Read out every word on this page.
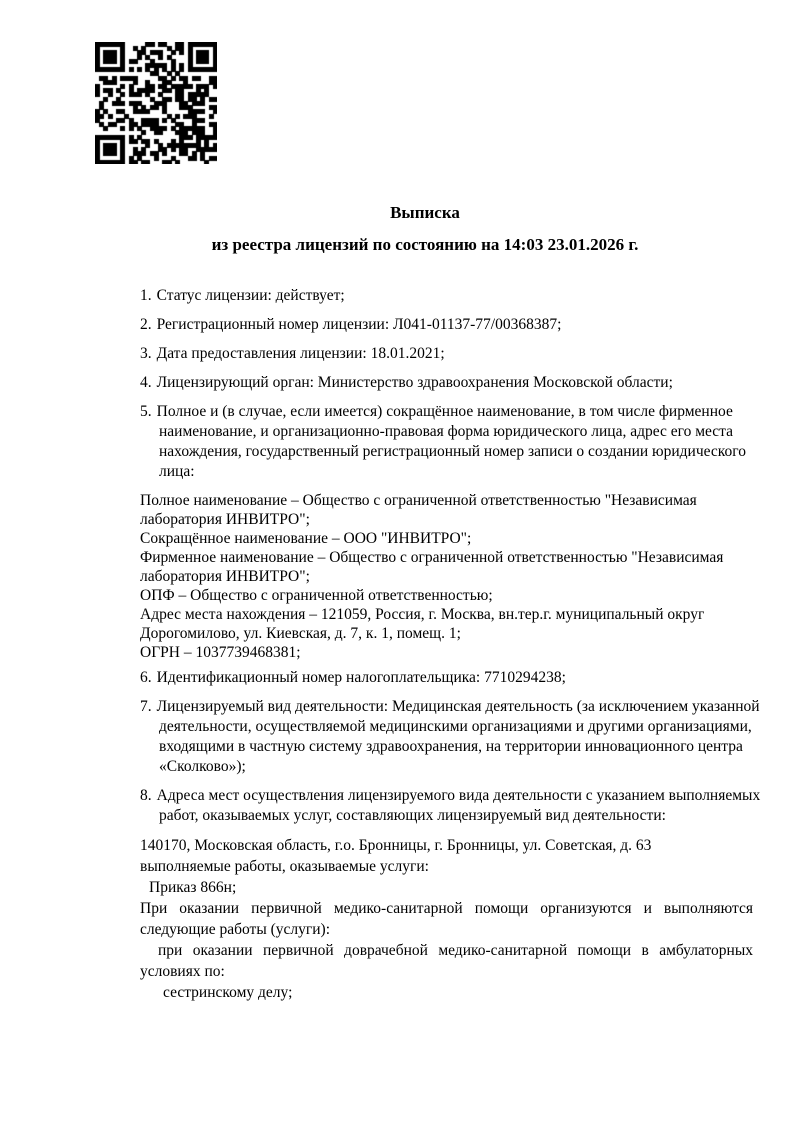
Выписка
из реестра лицензий по состоянию на 14:03 23.01.2026 г.

1. Статус лицензии: действует;

2. Регистрационный номер лицензии: Л041-01137-77/00368387;

3. Дата предоставления лицензии: 18.01.2021;

4. Лицензирующий орган: Министерство здравоохранения Московской области;

5. Полное и (в случае, если имеется) сокращённое наименование, в том числе фирменное наименование, и организационно-правовая форма юридического лица, адрес его места нахождения, государственный регистрационный номер записи о создании юридического лица:

Полное наименование – Общество с ограниченной ответственностью "Независимая
лаборатория ИНВИТРО";
Сокращённое наименование – ООО "ИНВИТРО";
Фирменное наименование – Общество с ограниченной ответственностью "Независимая
лаборатория ИНВИТРО";
ОПФ – Общество с ограниченной ответственностью;
Адрес места нахождения – 121059, Россия, г. Москва, вн.тер.г. муниципальный округ
Дорогомилово, ул. Киевская, д. 7, к. 1, помещ. 1;
ОГРН – 1037739468381;

6. Идентификационный номер налогоплательщика: 7710294238;

7. Лицензируемый вид деятельности: Медицинская деятельность (за исключением указанной деятельности, осуществляемой медицинскими организациями и другими организациями, входящими в частную систему здравоохранения, на территории инновационного центра «Сколково»);

8. Адреса мест осуществления лицензируемого вида деятельности с указанием выполняемых работ, оказываемых услуг, составляющих лицензируемый вид деятельности:

140170, Московская область, г.о. Бронницы, г. Бронницы, ул. Советская, д. 63
выполняемые работы, оказываемые услуги:
Приказ 866н;
При оказании первичной медико-санитарной помощи организуются и выполняются
следующие работы (услуги):
при оказании первичной доврачебной медико-санитарной помощи в амбулаторных
условиях по:
сестринскому делу;
